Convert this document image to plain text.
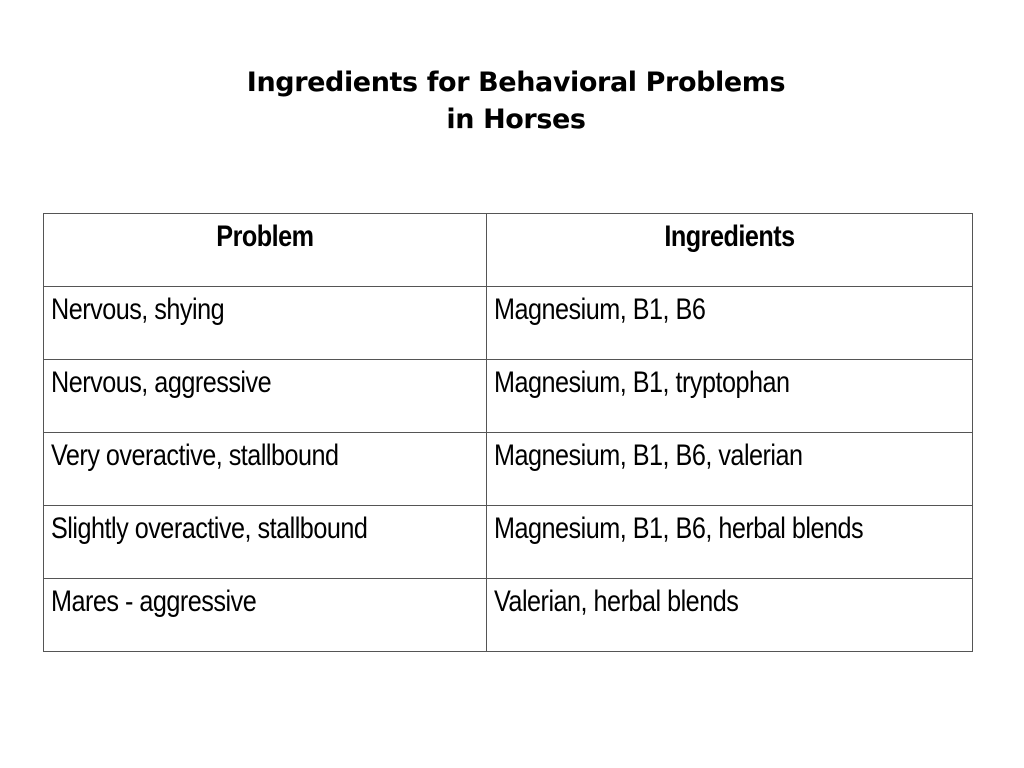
Ingredients for Behavioral Problems
in Horses
Problem	Ingredients
Nervous, shying	Magnesium, B1, B6
Nervous, aggressive	Magnesium, B1, tryptophan
Very overactive, stallbound	Magnesium, B1, B6, valerian
Slightly overactive, stallbound	Magnesium, B1, B6, herbal blends
Mares - aggressive	Valerian, herbal blends
